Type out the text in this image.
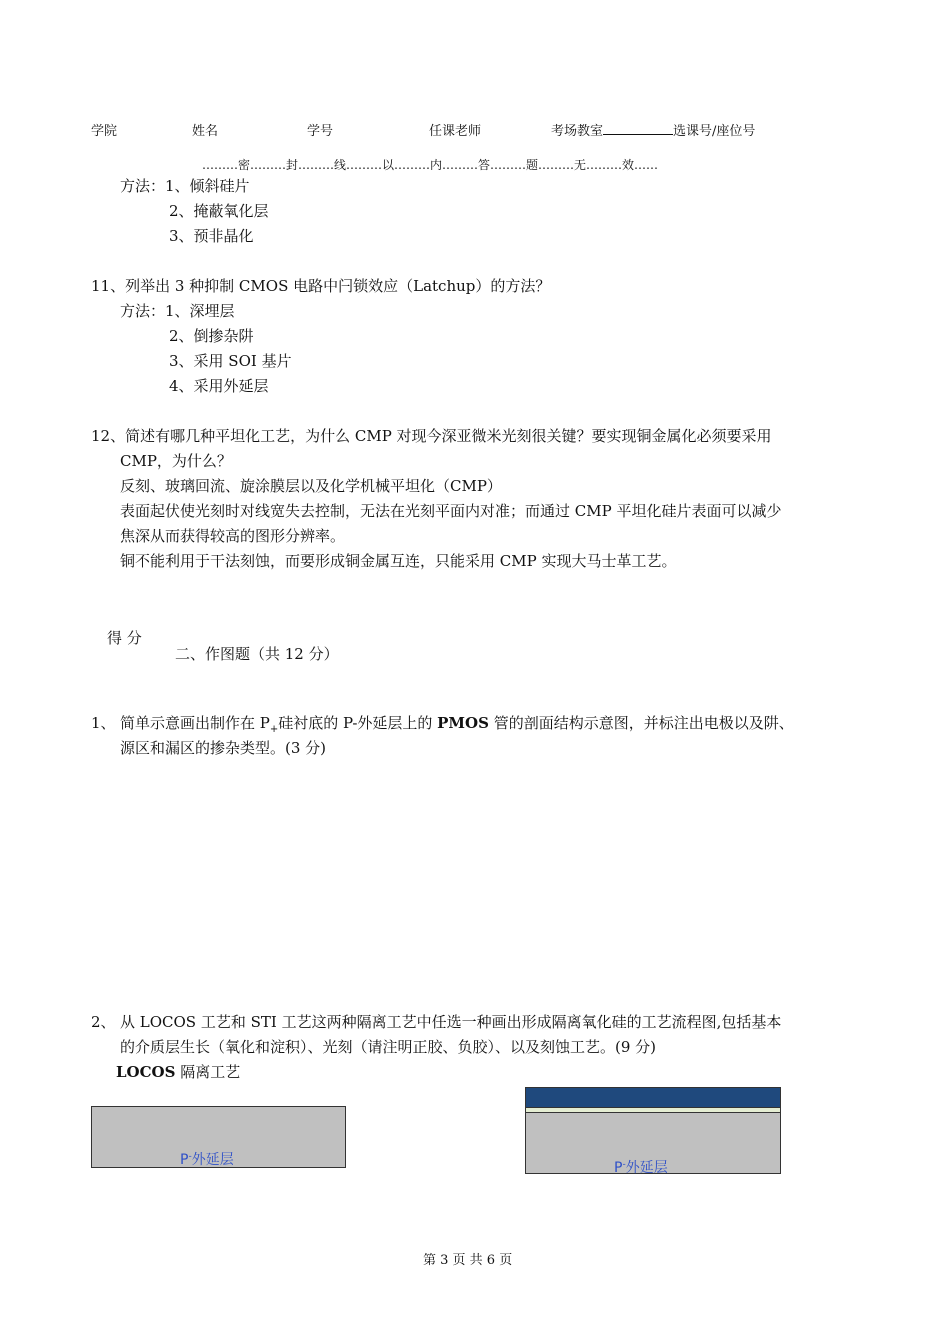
学院	姓名	学号	任课老师	考场教室	选课号/座位号
………密………封………线………以………内………答………题………无………效……
方法：1、倾斜硅片
2、掩蔽氧化层
3、预非晶化
11、列举出 3 种抑制 CMOS 电路中闩锁效应（Latchup）的方法？
方法：1、深埋层
2、倒掺杂阱
3、采用 SOI 基片
4、采用外延层
12、简述有哪几种平坦化工艺，为什么 CMP 对现今深亚微米光刻很关键？要实现铜金属化必须要采用
CMP，为什么？
反刻、玻璃回流、旋涂膜层以及化学机械平坦化（CMP）
表面起伏使光刻时对线宽失去控制，无法在光刻平面内对准；而通过 CMP 平坦化硅片表面可以减少
焦深从而获得较高的图形分辨率。
铜不能利用于干法刻蚀，而要形成铜金属互连，只能采用 CMP 实现大马士革工艺。
得 分
二、作图题（共 12 分）
1、 简单示意画出制作在 $P_+$硅衬底的 P-外延层上的 PMOS 管的剖面结构示意图，并标注出电极以及阱、
源区和漏区的掺杂类型。(3 分)
2、 从 LOCOS 工艺和 STI 工艺这两种隔离工艺中任选一种画出形成隔离氧化硅的工艺流程图,包括基本
的介质层生长（氧化和淀积）、光刻（请注明正胶、负胶）、以及刻蚀工艺。(9 分)
LOCOS 隔离工艺
P-外延层	P-外延层
第 3 页 共 6 页
